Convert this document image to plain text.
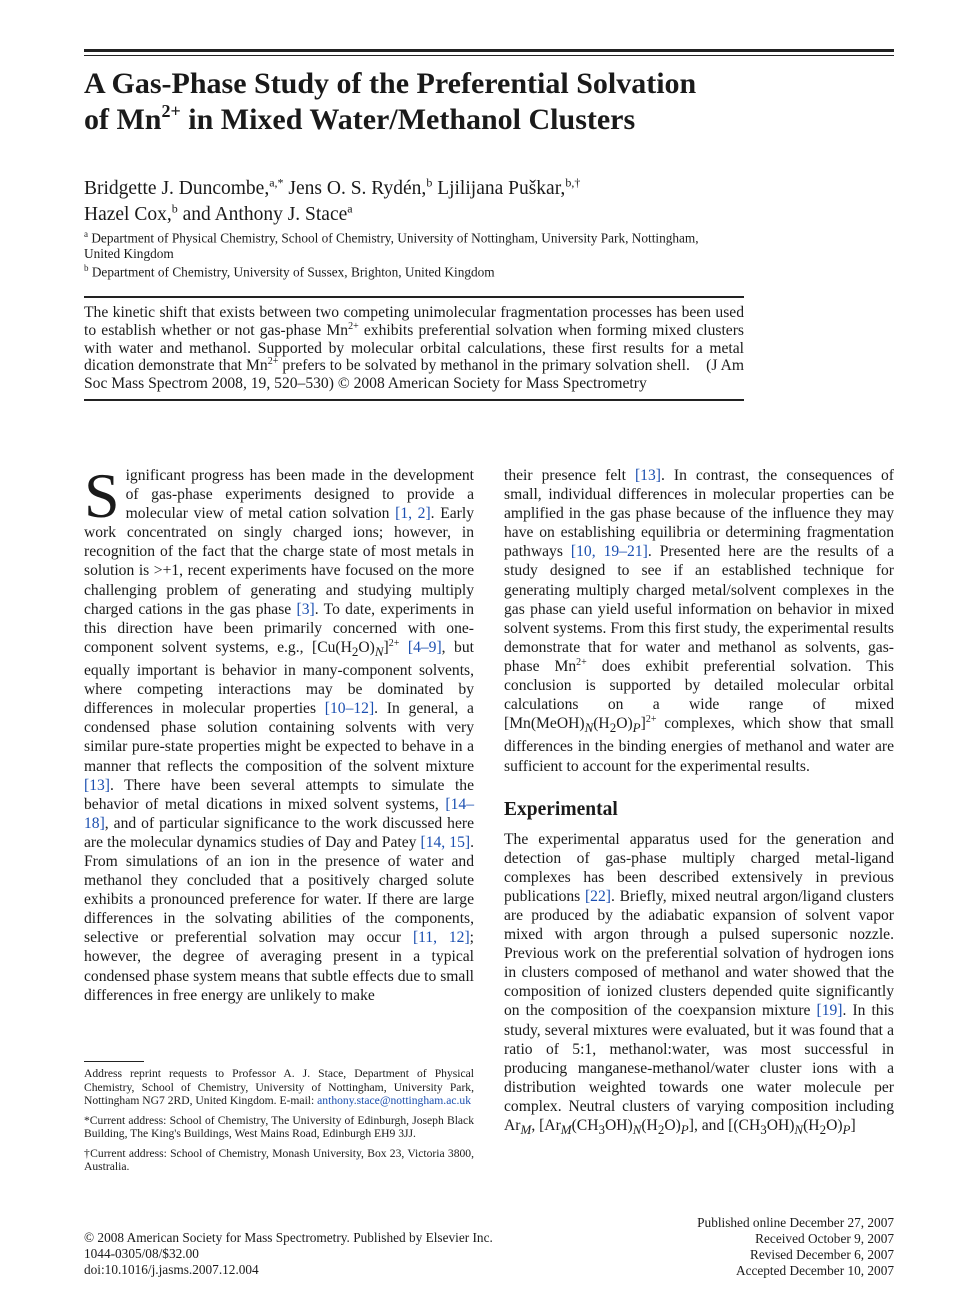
A Gas-Phase Study of the Preferential Solvation
of $Mn^{2+}$ in Mixed Water/Methanol Clusters
Bridgette J. Duncombe,$^{a,*}$ Jens O. S. Rydén,$^b$ Ljilijana Puškar,$^{b,\dagger}$
Hazel Cox,$^b$ and Anthony J. Stace$^a$
$^a$ Department of Physical Chemistry, School of Chemistry, University of Nottingham, University Park, Nottingham, United Kingdom
$^b$ Department of Chemistry, University of Sussex, Brighton, United Kingdom

The kinetic shift that exists between two competing unimolecular fragmentation processes has been used to establish whether or not gas-phase $Mn^{2+}$ exhibits preferential solvation when forming mixed clusters with water and methanol. Supported by molecular orbital calculations, these first results for a metal dication demonstrate that $Mn^{2+}$ prefers to be solvated by methanol in the primary solvation shell. (J Am Soc Mass Spectrom 2008, 19, 520–530) © 2008 American Society for Mass Spectrometry

Significant progress has been made in the development of gas-phase experiments designed to provide a molecular view of metal cation solvation [1, 2]. Early work concentrated on singly charged ions; however, in recognition of the fact that the charge state of most metals in solution is >+1, recent experiments have focused on the more challenging problem of generating and studying multiply charged cations in the gas phase [3]. To date, experiments in this direction have been primarily concerned with one-component solvent systems, e.g., $[Cu(H_2O)_N]^{2+}$ [4–9], but equally important is behavior in many-component solvents, where competing interactions may be dominated by differences in molecular properties [10–12]. In general, a condensed phase solution containing solvents with very similar pure-state properties might be expected to behave in a manner that reflects the composition of the solvent mixture [13]. There have been several attempts to simulate the behavior of metal dications in mixed solvent systems, [14–18], and of particular significance to the work discussed here are the molecular dynamics studies of Day and Patey [14, 15]. From simulations of an ion in the presence of water and methanol they concluded that a positively charged solute exhibits a pronounced preference for water. If there are large differences in the solvating abilities of the components, selective or preferential solvation may occur [11, 12]; however, the degree of averaging present in a typical condensed phase system means that subtle effects due to small differences in free energy are unlikely to make

their presence felt [13]. In contrast, the consequences of small, individual differences in molecular properties can be amplified in the gas phase because of the influence they may have on establishing equilibria or determining fragmentation pathways [10, 19–21]. Presented here are the results of a study designed to see if an established technique for generating multiply charged metal/solvent complexes in the gas phase can yield useful information on behavior in mixed solvent systems. From this first study, the experimental results demonstrate that for water and methanol as solvents, gas-phase $Mn^{2+}$ does exhibit preferential solvation. This conclusion is supported by detailed molecular orbital calculations on a wide range of mixed $[Mn(MeOH)_N(H_2O)_P]^{2+}$ complexes, which show that small differences in the binding energies of methanol and water are sufficient to account for the experimental results.

Experimental

The experimental apparatus used for the generation and detection of gas-phase multiply charged metal-ligand complexes has been described extensively in previous publications [22]. Briefly, mixed neutral argon/ligand clusters are produced by the adiabatic expansion of solvent vapor mixed with argon through a pulsed supersonic nozzle. Previous work on the preferential solvation of hydrogen ions in clusters composed of methanol and water showed that the composition of ionized clusters depended quite significantly on the composition of the coexpansion mixture [19]. In this study, several mixtures were evaluated, but it was found that a ratio of 5:1, methanol:water, was most successful in producing manganese-methanol/water cluster ions with a distribution weighted towards one water molecule per complex. Neutral clusters of varying composition including $Ar_M$, $[Ar_M(CH_3OH)_N(H_2O)_P]$, and $[(CH_3OH)_N(H_2O)_P]$

Address reprint requests to Professor A. J. Stace, Department of Physical Chemistry, School of Chemistry, University of Nottingham, University Park, Nottingham NG7 2RD, United Kingdom. E-mail: anthony.stace@nottingham.ac.uk

*Current address: School of Chemistry, The University of Edinburgh, Joseph Black Building, The King's Buildings, West Mains Road, Edinburgh EH9 3JJ.

†Current address: School of Chemistry, Monash University, Box 23, Victoria 3800, Australia.

© 2008 American Society for Mass Spectrometry. Published by Elsevier Inc.
1044-0305/08/$32.00
doi:10.1016/j.jasms.2007.12.004
Published online December 27, 2007
Received October 9, 2007
Revised December 6, 2007
Accepted December 10, 2007
